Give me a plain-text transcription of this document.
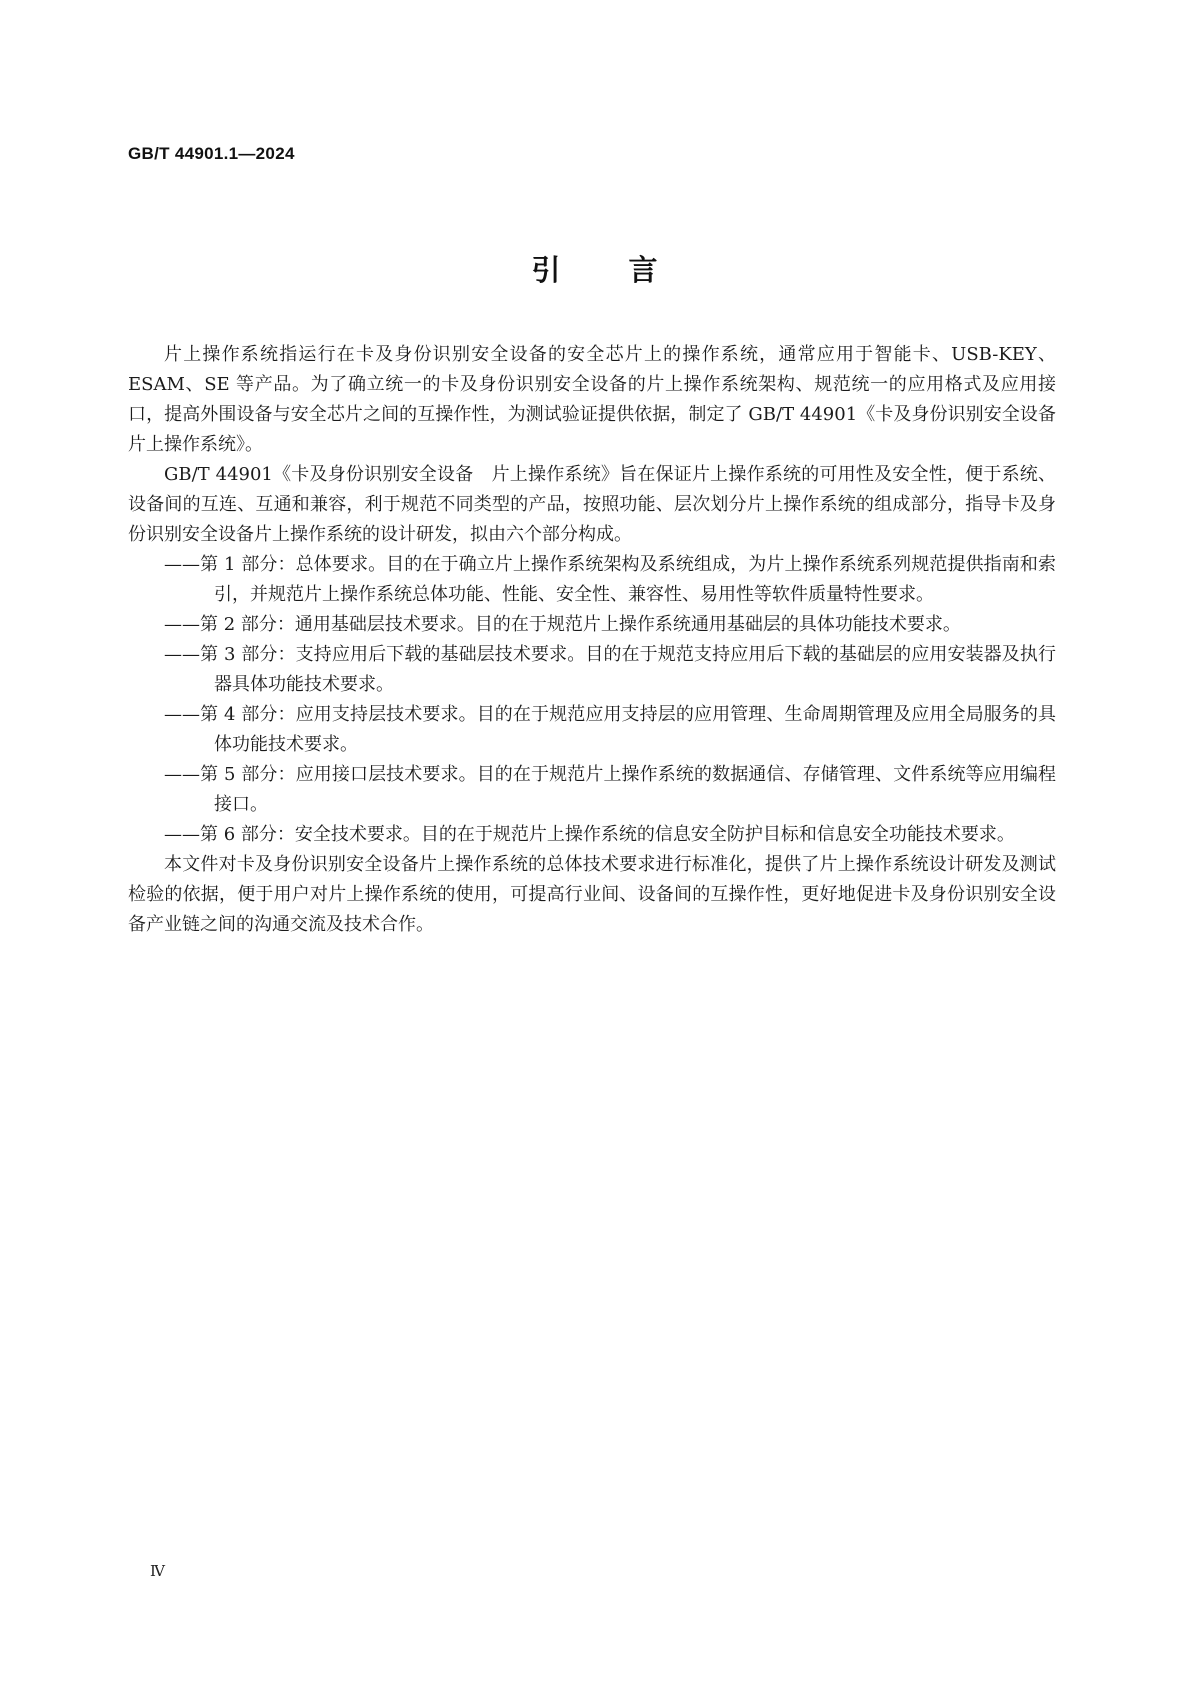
GB/T 44901.1—2024
引 言

片上操作系统指运行在卡及身份识别安全设备的安全芯片上的操作系统，通常应用于智能卡、USB-KEY、ESAM、SE 等产品。为了确立统一的卡及身份识别安全设备的片上操作系统架构、规范统一的应用格式及应用接口，提高外围设备与安全芯片之间的互操作性，为测试验证提供依据，制定了 GB/T 44901《卡及身份识别安全设备　片上操作系统》。

GB/T 44901《卡及身份识别安全设备　片上操作系统》旨在保证片上操作系统的可用性及安全性，便于系统、设备间的互连、互通和兼容，利于规范不同类型的产品，按照功能、层次划分片上操作系统的组成部分，指导卡及身份识别安全设备片上操作系统的设计研发，拟由六个部分构成。

——第 1 部分：总体要求。目的在于确立片上操作系统架构及系统组成，为片上操作系统系列规范提供指南和索引，并规范片上操作系统总体功能、性能、安全性、兼容性、易用性等软件质量特性要求。

——第 2 部分：通用基础层技术要求。目的在于规范片上操作系统通用基础层的具体功能技术要求。

——第 3 部分：支持应用后下载的基础层技术要求。目的在于规范支持应用后下载的基础层的应用安装器及执行器具体功能技术要求。

——第 4 部分：应用支持层技术要求。目的在于规范应用支持层的应用管理、生命周期管理及应用全局服务的具体功能技术要求。

——第 5 部分：应用接口层技术要求。目的在于规范片上操作系统的数据通信、存储管理、文件系统等应用编程接口。

——第 6 部分：安全技术要求。目的在于规范片上操作系统的信息安全防护目标和信息安全功能技术要求。

本文件对卡及身份识别安全设备片上操作系统的总体技术要求进行标准化，提供了片上操作系统设计研发及测试检验的依据，便于用户对片上操作系统的使用，可提高行业间、设备间的互操作性，更好地促进卡及身份识别安全设备产业链之间的沟通交流及技术合作。

Ⅳ
